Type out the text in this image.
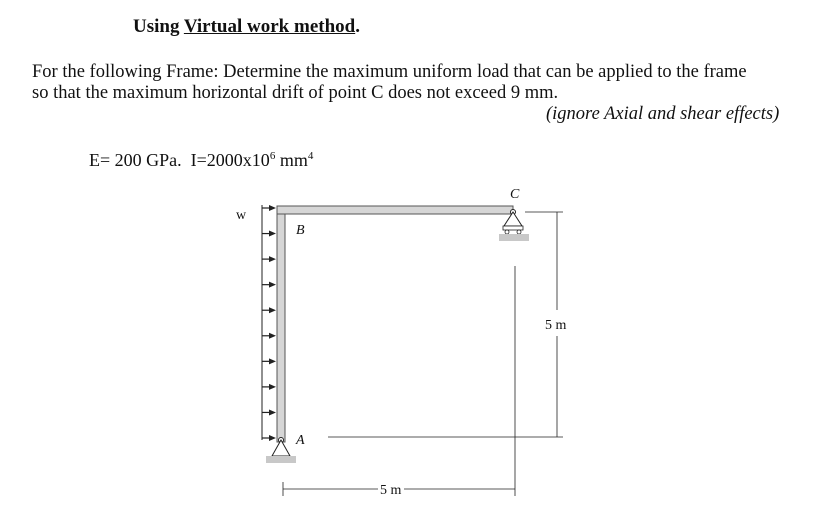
Using Virtual work method.
For the following Frame: Determine the maximum uniform load that can be applied to the frame
so that the maximum horizontal drift of point C does not exceed 9 mm.
(ignore Axial and shear effects)
E= 200 GPa. $I=2000x10^6$ $mm^4$
w
B
C
A
5 m
5 m
